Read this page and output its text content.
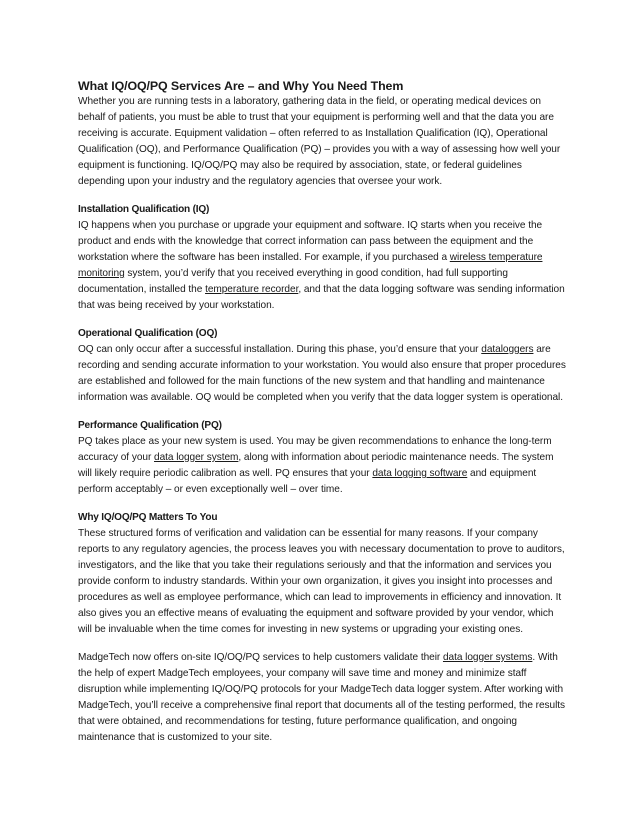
What IQ/OQ/PQ Services Are – and Why You Need Them

Whether you are running tests in a laboratory, gathering data in the field, or operating medical devices on behalf of patients, you must be able to trust that your equipment is performing well and that the data you are receiving is accurate. Equipment validation – often referred to as Installation Qualification (IQ), Operational Qualification (OQ), and Performance Qualification (PQ) – provides you with a way of assessing how well your equipment is functioning. IQ/OQ/PQ may also be required by association, state, or federal guidelines depending upon your industry and the regulatory agencies that oversee your work.

Installation Qualification (IQ)
IQ happens when you purchase or upgrade your equipment and software. IQ starts when you receive the product and ends with the knowledge that correct information can pass between the equipment and the workstation where the software has been installed. For example, if you purchased a wireless temperature monitoring system, you’d verify that you received everything in good condition, had full supporting documentation, installed the temperature recorder, and that the data logging software was sending information that was being received by your workstation.
Operational Qualification (OQ)
OQ can only occur after a successful installation. During this phase, you’d ensure that your dataloggers are recording and sending accurate information to your workstation. You would also ensure that proper procedures are established and followed for the main functions of the new system and that handling and maintenance information was available. OQ would be completed when you verify that the data logger system is operational.
Performance Qualification (PQ)
PQ takes place as your new system is used. You may be given recommendations to enhance the long-term accuracy of your data logger system, along with information about periodic maintenance needs. The system will likely require periodic calibration as well. PQ ensures that your data logging software and equipment perform acceptably – or even exceptionally well – over time.
Why IQ/OQ/PQ Matters To You
These structured forms of verification and validation can be essential for many reasons. If your company reports to any regulatory agencies, the process leaves you with necessary documentation to prove to auditors, investigators, and the like that you take their regulations seriously and that the information and services you provide conform to industry standards. Within your own organization, it gives you insight into processes and procedures as well as employee performance, which can lead to improvements in efficiency and innovation. It also gives you an effective means of evaluating the equipment and software provided by your vendor, which will be invaluable when the time comes for investing in new systems or upgrading your existing ones.
MadgeTech now offers on-site IQ/OQ/PQ services to help customers validate their data logger systems. With the help of expert MadgeTech employees, your company will save time and money and minimize staff disruption while implementing IQ/OQ/PQ protocols for your MadgeTech data logger system. After working with MadgeTech, you’ll receive a comprehensive final report that documents all of the testing performed, the results that were obtained, and recommendations for testing, future performance qualification, and ongoing maintenance that is customized to your site.
